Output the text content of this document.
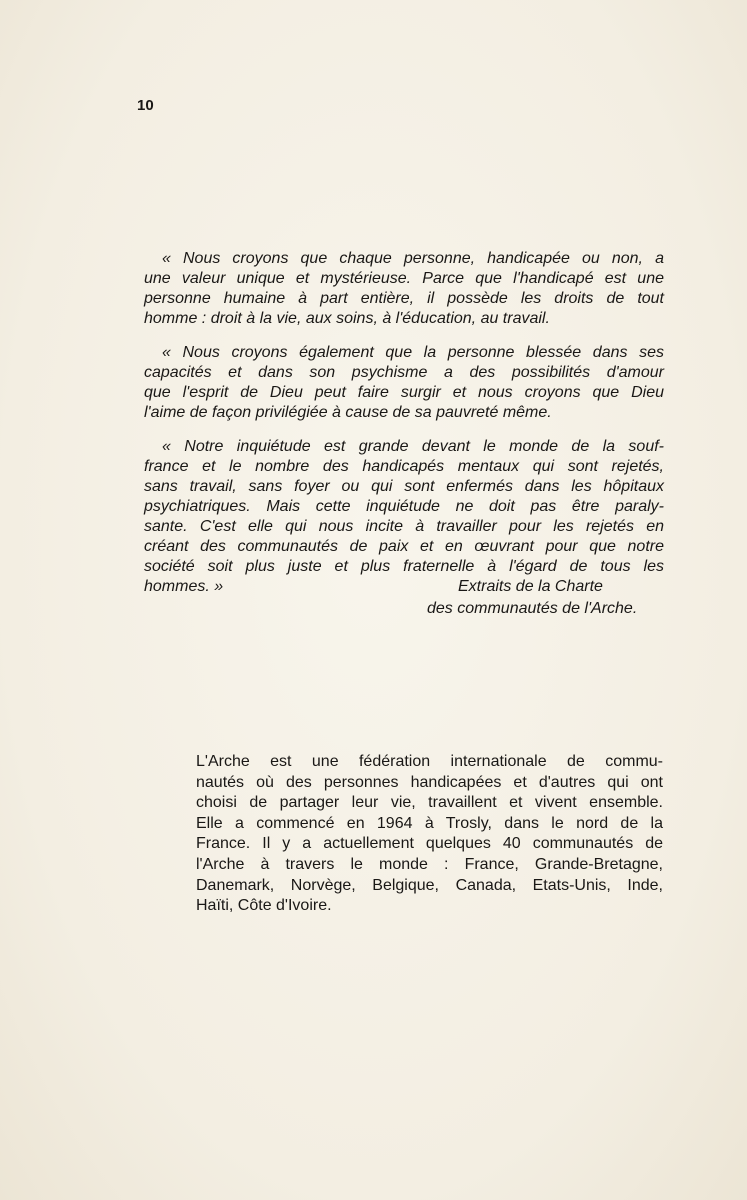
10

« Nous croyons que chaque personne, handicapée ou non, a
une valeur unique et mystérieuse. Parce que l'handicapé est une
personne humaine à part entière, il possède les droits de tout
homme : droit à la vie, aux soins, à l'éducation, au travail.

« Nous croyons également que la personne blessée dans ses
capacités et dans son psychisme a des possibilités d'amour
que l'esprit de Dieu peut faire surgir et nous croyons que Dieu
l'aime de façon privilégiée à cause de sa pauvreté même.

« Notre inquiétude est grande devant le monde de la souf-
france et le nombre des handicapés mentaux qui sont rejetés,
sans travail, sans foyer ou qui sont enfermés dans les hôpitaux
psychiatriques. Mais cette inquiétude ne doit pas être paraly-
sante. C'est elle qui nous incite à travailler pour les rejetés en
créant des communautés de paix et en œuvrant pour que notre
société soit plus juste et plus fraternelle à l'égard de tous les
hommes. »	Extraits de la Charte
des communautés de l'Arche.
L'Arche est une fédération internationale de commu-
nautés où des personnes handicapées et d'autres qui ont
choisi de partager leur vie, travaillent et vivent ensemble.
Elle a commencé en 1964 à Trosly, dans le nord de la
France. Il y a actuellement quelques 40 communautés de
l'Arche à travers le monde : France, Grande-Bretagne,
Danemark, Norvège, Belgique, Canada, Etats-Unis, Inde,
Haïti, Côte d'Ivoire.
